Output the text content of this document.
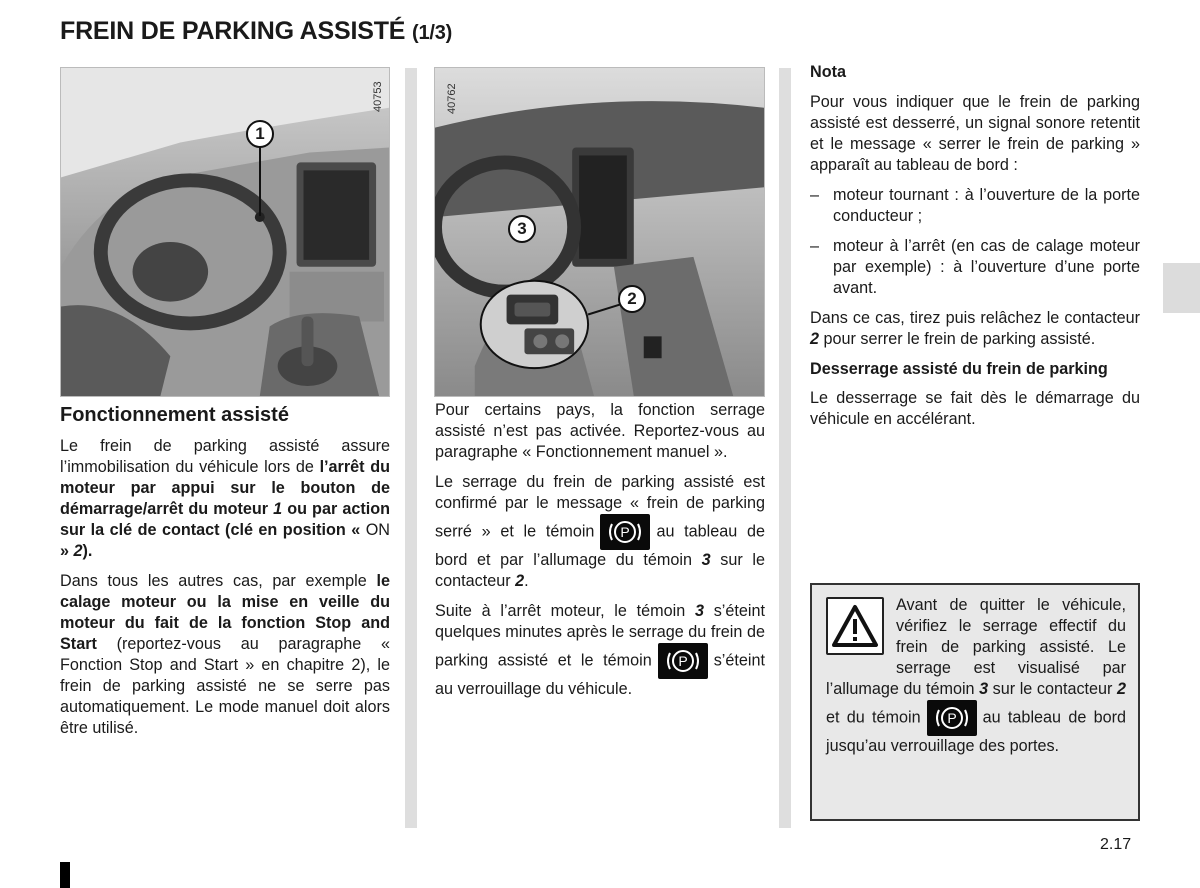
FREIN DE PARKING ASSISTÉ (1/3)
40753
1
40762
3
2
Fonctionnement assisté

Le frein de parking assisté assure l’immobilisation du véhicule lors de l’arrêt du moteur par appui sur le bouton de démarrage/arrêt du moteur 1 ou par action sur la clé de contact (clé en position « ON » 2).

Dans tous les autres cas, par exemple le calage moteur ou la mise en veille du moteur du fait de la fonction Stop and Start (reportez-vous au paragraphe « Fonction Stop and Start » en chapitre 2), le frein de parking assisté ne se serre pas automatiquement. Le mode manuel doit alors être utilisé.

Pour certains pays, la fonction serrage assisté n’est pas activée. Reportez-vous au paragraphe « Fonctionnement manuel ».

Le serrage du frein de parking assisté est confirmé par le message « frein de parking serré » et le témoin P au tableau de bord et par l’allumage du témoin 3 sur le contacteur 2.

Suite à l’arrêt moteur, le témoin 3 s’éteint quelques minutes après le serrage du frein de parking assisté et le témoin P s’éteint au verrouillage du véhicule.

Nota

Pour vous indiquer que le frein de parking assisté est desserré, un signal sonore retentit et le message « serrer le frein de parking » apparaît au tableau de bord :

– moteur tournant : à l’ouverture de la porte conducteur ;
– moteur à l’arrêt (en cas de calage moteur par exemple) : à l’ouverture d’une porte avant.

Dans ce cas, tirez puis relâchez le contacteur 2 pour serrer le frein de parking assisté.

Desserrage assisté du frein de parking

Le desserrage se fait dès le démarrage du véhicule en accélérant.

Avant de quitter le véhicule, vérifiez le serrage effectif du frein de parking assisté. Le serrage est visualisé par l’allumage du témoin 3 sur le contacteur 2 et du témoin P au tableau de bord jusqu’au verrouillage des portes.

2.17
